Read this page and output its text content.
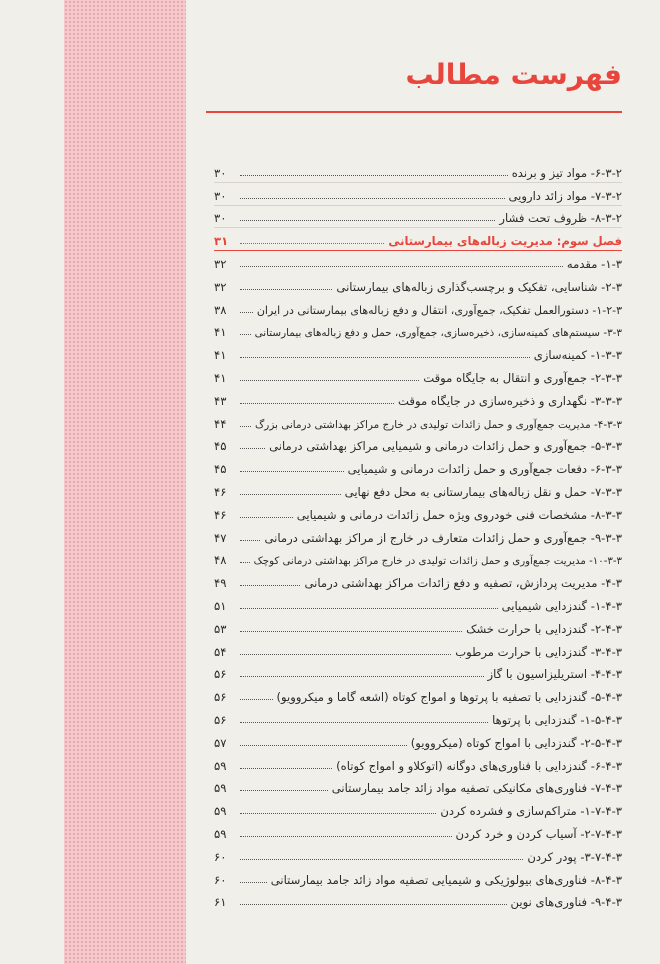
فهرست مطالب
۶-۳-۲- مواد تیز و برنده
۳۰
۷-۳-۲- مواد زائد دارویی
۳۰
۸-۳-۲- ظروف تحت فشار
۳۰
فصل سوم: مدیریت زباله‌های بیمارستانی
۳۱
۱-۳- مقدمه
۳۲
۲-۳- شناسایی، تفکیک و برچسب‌گذاری زباله‌های بیمارستانی
۳۲
۱-۲-۳- دستورالعمل تفکیک، جمع‌آوری، انتقال و دفع زباله‌های بیمارستانی در ایران
۳۸
۳-۳- سیستم‌های کمینه‌سازی، ذخیره‌سازی، جمع‌آوری، حمل و دفع زباله‌های بیمارستانی
۴۱
۱-۳-۳- کمینه‌سازی
۴۱
۲-۳-۳- جمع‌آوری و انتقال به جایگاه موقت
۴۱
۳-۳-۳- نگهداری و ذخیره‌سازی در جایگاه موقت
۴۳
۴-۳-۳- مدیریت جمع‌آوری و حمل زائدات تولیدی در خارج مراکز بهداشتی درمانی بزرگ
۴۴
۵-۳-۳- جمع‌آوری و حمل زائدات درمانی و شیمیایی مراکز بهداشتی درمانی
۴۵
۶-۳-۳- دفعات جمع‌آوری و حمل زائدات درمانی و شیمیایی
۴۵
۷-۳-۳- حمل و نقل زباله‌های بیمارستانی به محل دفع نهایی
۴۶
۸-۳-۳- مشخصات فنی خودروی ویژه حمل زائدات درمانی و شیمیایی
۴۶
۹-۳-۳- جمع‌آوری و حمل زائدات متعارف در خارج از مراکز بهداشتی درمانی
۴۷
۱۰-۳-۳- مدیریت جمع‌آوری و حمل زائدات تولیدی در خارج مراکز بهداشتی درمانی کوچک
۴۸
۴-۳- مدیریت پردازش، تصفیه و دفع زائدات مراکز بهداشتی درمانی
۴۹
۱-۴-۳- گندزدایی شیمیایی
۵۱
۲-۴-۳- گندزدایی با حرارت خشک
۵۳
۳-۴-۳- گندزدایی با حرارت مرطوب
۵۴
۴-۴-۳- استریلیزاسیون با گاز
۵۶
۵-۴-۳- گندزدایی با تصفیه با پرتوها و امواج کوتاه (اشعه گاما و میکروویو)
۵۶
۱-۵-۴-۳- گندزدایی با پرتوها
۵۶
۲-۵-۴-۳- گندزدایی با امواج کوتاه (میکروویو)
۵۷
۶-۴-۳- گندزدایی با فناوری‌های دوگانه (اتوکلاو و امواج کوتاه)
۵۹
۷-۴-۳- فناوری‌های مکانیکی تصفیه مواد زائد جامد بیمارستانی
۵۹
۱-۷-۴-۳- متراکم‌سازی و فشرده کردن
۵۹
۲-۷-۴-۳- آسیاب کردن و خرد کردن
۵۹
۳-۷-۴-۳- پودر کردن
۶۰
۸-۴-۳- فناوری‌های بیولوژیکی و شیمیایی تصفیه مواد زائد جامد بیمارستانی
۶۰
۹-۴-۳- فناوری‌های نوین
۶۱
